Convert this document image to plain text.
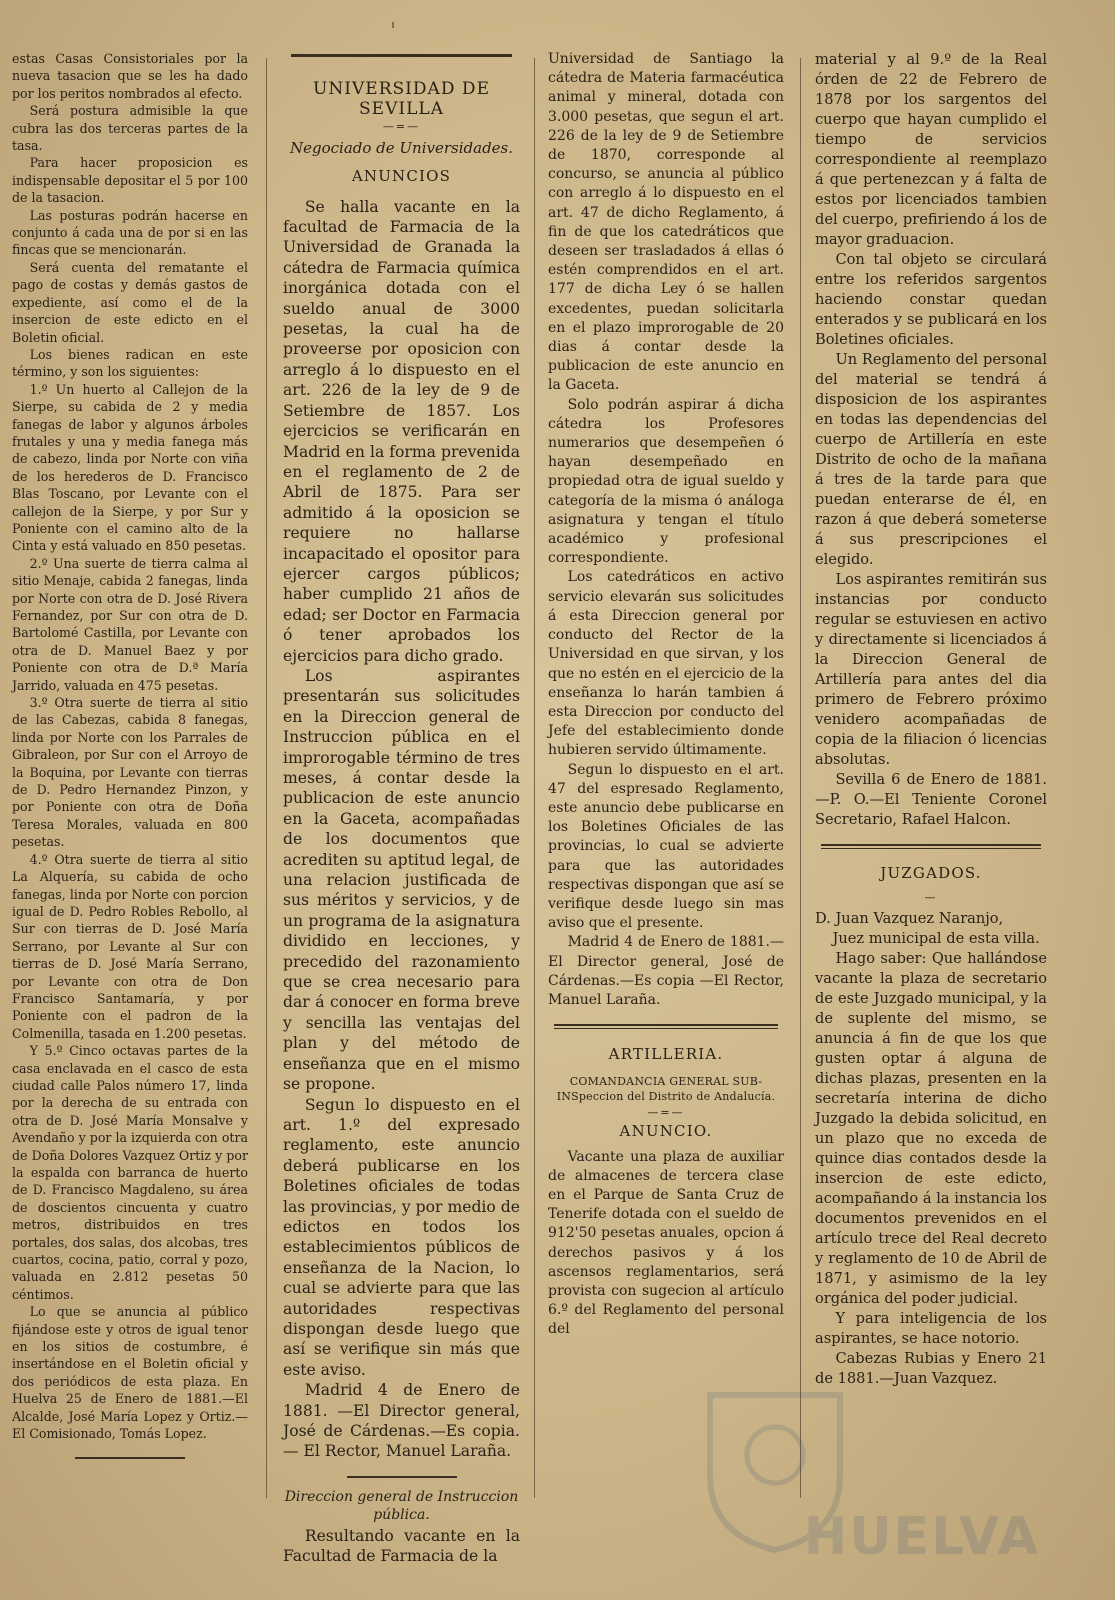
estas Casas Consistoriales por la nueva tasacion que se les ha dado por los peritos nombrados al efecto.

Será postura admisible la que cubra las dos terceras partes de la tasa.

Para hacer proposicion es indispensable depositar el 5 por 100 de la tasacion.

Las posturas podrán hacerse en conjunto á cada una de por si en las fincas que se mencionarán.

Será cuenta del rematante el pago de costas y demás gastos de expediente, así como el de la insercion de este edicto en el Boletin oficial.

Los bienes radican en este término, y son los siguientes:

1.º Un huerto al Callejon de la Sierpe, su cabida de 2 y media fanegas de labor y algunos árboles frutales y una y media fanega más de cabezo, linda por Norte con viña de los herederos de D. Francisco Blas Toscano, por Levante con el callejon de la Sierpe, y por Sur y Poniente con el camino alto de la Cinta y está valuado en 850 pesetas.

2.º Una suerte de tierra calma al sitio Menaje, cabida 2 fanegas, linda por Norte con otra de D. José Rivera Fernandez, por Sur con otra de D. Bartolomé Castilla, por Levante con otra de D. Manuel Baez y por Poniente con otra de D.ª María Jarrido, valuada en 475 pesetas.

3.º Otra suerte de tierra al sitio de las Cabezas, cabida 8 fanegas, linda por Norte con los Parrales de Gibraleon, por Sur con el Arroyo de la Boquina, por Levante con tierras de D. Pedro Hernandez Pinzon, y por Poniente con otra de Doña Teresa Morales, valuada en 800 pesetas.

4.º Otra suerte de tierra al sitio La Alquería, su cabida de ocho fanegas, linda por Norte con porcion igual de D. Pedro Robles Rebollo, al Sur con tierras de D. José María Serrano, por Levante al Sur con tierras de D. José María Serrano, por Levante con otra de Don Francisco Santamaría, y por Poniente con el padron de la Colmenilla, tasada en 1.200 pesetas.

Y 5.º Cinco octavas partes de la casa enclavada en el casco de esta ciudad calle Palos número 17, linda por la derecha de su entrada con otra de D. José María Monsalve y Avendaño y por la izquierda con otra de Doña Dolores Vazquez Ortiz y por la espalda con barranca de huerto de D. Francisco Magdaleno, su área de doscientos cincuenta y cuatro metros, distribuidos en tres portales, dos salas, dos alcobas, tres cuartos, cocina, patio, corral y pozo, valuada en 2.812 pesetas 50 céntimos.

Lo que se anuncia al público fijándose este y otros de igual tenor en los sitios de costumbre, é insertándose en el Boletin oficial y dos periódicos de esta plaza. En Huelva 25 de Enero de 1881.—El Alcalde, José María Lopez y Ortiz.—El Comisionado, Tomás Lopez.

UNIVERSIDAD DE SEVILLA
—=—
Negociado de Universidades.
ANUNCIOS

Se halla vacante en la facultad de Farmacia de la Universidad de Granada la cátedra de Farmacia química inorgánica dotada con el sueldo anual de 3000 pesetas, la cual ha de proveerse por oposicion con arreglo á lo dispuesto en el art. 226 de la ley de 9 de Setiembre de 1857. Los ejercicios se verificarán en Madrid en la forma prevenida en el reglamento de 2 de Abril de 1875. Para ser admitido á la oposicion se requiere no hallarse incapacitado el opositor para ejercer cargos públicos; haber cumplido 21 años de edad; ser Doctor en Farmacia ó tener aprobados los ejercicios para dicho grado.

Los aspirantes presentarán sus solicitudes en la Direccion general de Instruccion pública en el improrogable término de tres meses, á contar desde la publicacion de este anuncio en la Gaceta, acompañadas de los documentos que acrediten su aptitud legal, de una relacion justificada de sus méritos y servicios, y de un programa de la asignatura dividido en lecciones, y precedido del razonamiento que se crea necesario para dar á conocer en forma breve y sencilla las ventajas del plan y del método de enseñanza que en el mismo se propone.

Segun lo dispuesto en el art. 1.º del expresado reglamento, este anuncio deberá publicarse en los Boletines oficiales de todas las provincias, y por medio de edictos en todos los establecimientos públicos de enseñanza de la Nacion, lo cual se advierte para que las autoridades respectivas dispongan desde luego que así se verifique sin más que este aviso.

Madrid 4 de Enero de 1881. —El Director general, José de Cárdenas.—Es copia.— El Rector, Manuel Laraña.

Direccion general de Instruccion pública.

Resultando vacante en la Facultad de Farmacia de la

Universidad de Santiago la cátedra de Materia farmacéutica animal y mineral, dotada con 3.000 pesetas, que segun el art. 226 de la ley de 9 de Setiembre de 1870, corresponde al concurso, se anuncia al público con arreglo á lo dispuesto en el art. 47 de dicho Reglamento, á fin de que los catedráticos que deseen ser trasladados á ellas ó estén comprendidos en el art. 177 de dicha Ley ó se hallen excedentes, puedan solicitarla en el plazo improrogable de 20 dias á contar desde la publicacion de este anuncio en la Gaceta.

Solo podrán aspirar á dicha cátedra los Profesores numerarios que desempeñen ó hayan desempeñado en propiedad otra de igual sueldo y categoría de la misma ó análoga asignatura y tengan el título académico y profesional correspondiente.

Los catedráticos en activo servicio elevarán sus solicitudes á esta Direccion general por conducto del Rector de la Universidad en que sirvan, y los que no estén en el ejercicio de la enseñanza lo harán tambien á esta Direccion por conducto del Jefe del establecimiento donde hubieren servido últimamente.

Segun lo dispuesto en el art. 47 del espresado Reglamento, este anuncio debe publicarse en los Boletines Oficiales de las provincias, lo cual se advierte para que las autoridades respectivas dispongan que así se verifique desde luego sin mas aviso que el presente.

Madrid 4 de Enero de 1881.—El Director general, José de Cárdenas.—Es copia —El Rector, Manuel Laraña.

ARTILLERIA.
COMANDANCIA GENERAL SUB-INSpeccion del Distrito de Andalucía.
—=—
ANUNCIO.

Vacante una plaza de auxiliar de almacenes de tercera clase en el Parque de Santa Cruz de Tenerife dotada con el sueldo de 912'50 pesetas anuales, opcion á derechos pasivos y á los ascensos reglamentarios, será provista con sugecion al artículo 6.º del Reglamento del personal del

material y al 9.º de la Real órden de 22 de Febrero de 1878 por los sargentos del cuerpo que hayan cumplido el tiempo de servicios correspondiente al reemplazo á que pertenezcan y á falta de estos por licenciados tambien del cuerpo, prefiriendo á los de mayor graduacion.

Con tal objeto se circulará entre los referidos sargentos haciendo constar quedan enterados y se publicará en los Boletines oficiales.

Un Reglamento del personal del material se tendrá á disposicion de los aspirantes en todas las dependencias del cuerpo de Artillería en este Distrito de ocho de la mañana á tres de la tarde para que puedan enterarse de él, en razon á que deberá someterse á sus prescripciones el elegido.

Los aspirantes remitirán sus instancias por conducto regular se estuviesen en activo y directamente si licenciados á la Direccion General de Artillería para antes del dia primero de Febrero próximo venidero acompañadas de copia de la filiacion ó licencias absolutas.

Sevilla 6 de Enero de 1881.—P. O.—El Teniente Coronel Secretario, Rafael Halcon.

JUZGADOS.
—

D. Juan Vazquez Naranjo,

Juez municipal de esta villa.

Hago saber: Que hallándose vacante la plaza de secretario de este Juzgado municipal, y la de suplente del mismo, se anuncia á fin de que los que gusten optar á alguna de dichas plazas, presenten en la secretaría interina de dicho Juzgado la debida solicitud, en un plazo que no exceda de quince dias contados desde la insercion de este edicto, acompañando á la instancia los documentos prevenidos en el artículo trece del Real decreto y reglamento de 10 de Abril de 1871, y asimismo de la ley orgánica del poder judicial.

Y para inteligencia de los aspirantes, se hace notorio.

Cabezas Rubias y Enero 21 de 1881.—Juan Vazquez.

HUELVA
